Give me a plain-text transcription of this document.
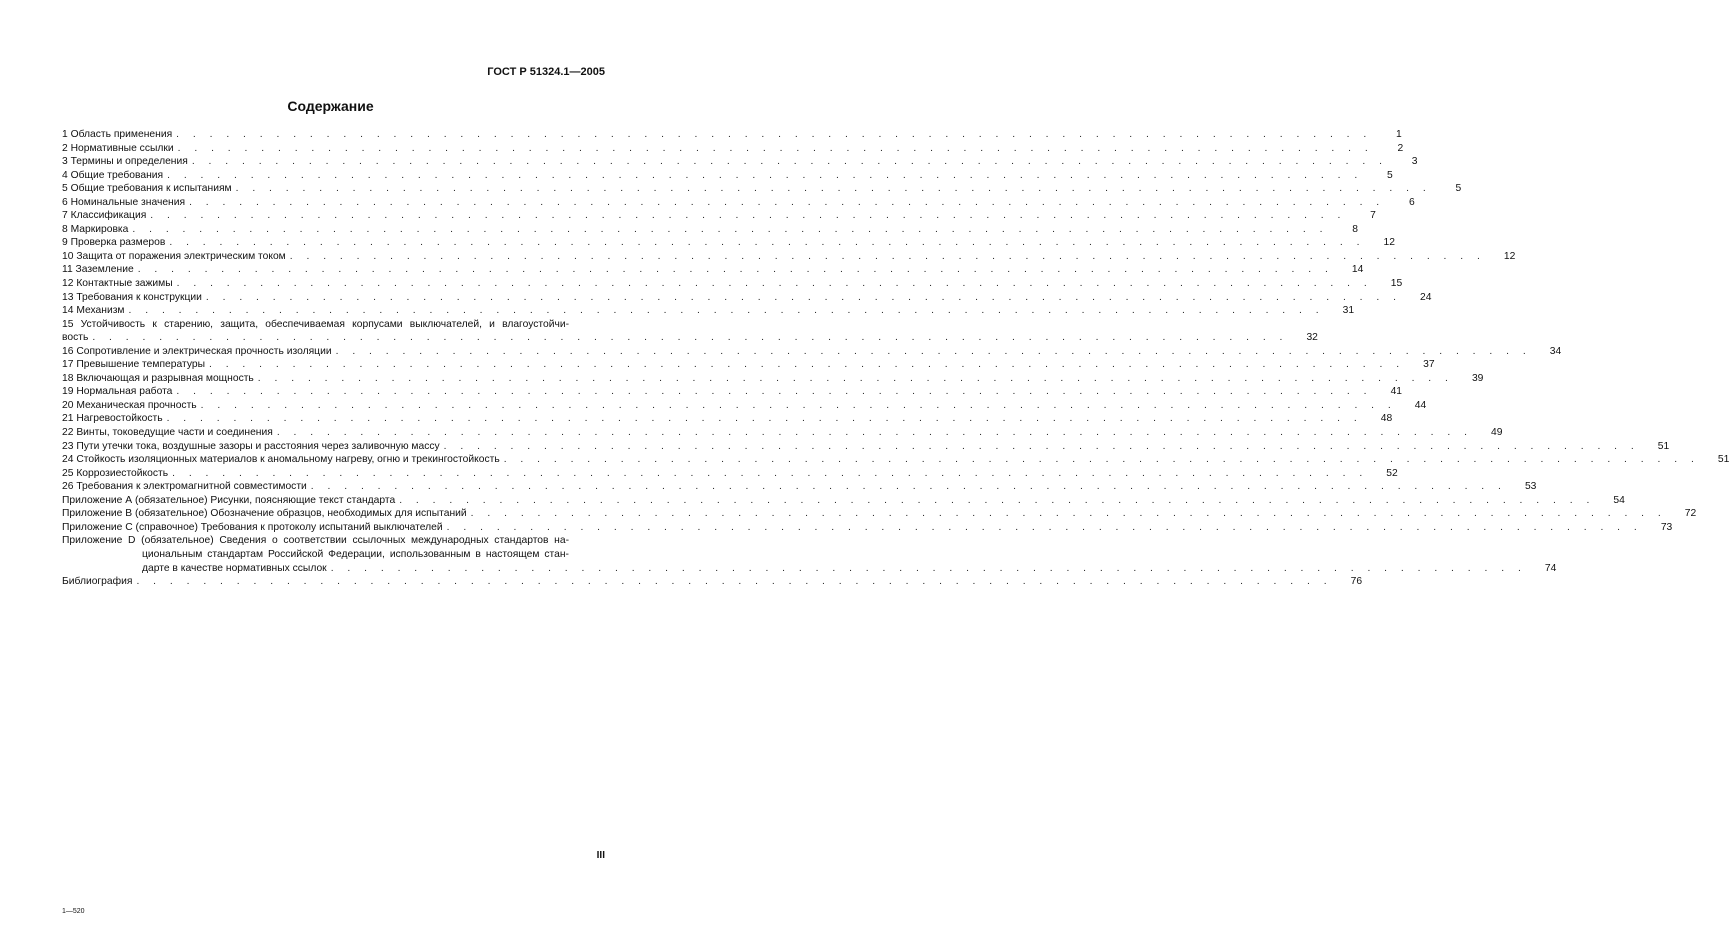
ГОСТ Р 51324.1—2005
Содержание
1 Область применения . . . . . . . . . . . . . . . . . . . . . . . . . . . . . . . . . . . . . . . . . . . . . . . . . . . . . . . . . . . . . . . . . . . . . . . .	1
2 Нормативные ссылки . . . . . . . . . . . . . . . . . . . . . . . . . . . . . . . . . . . . . . . . . . . . . . . . . . . . . . . . . . . . . . . . . . . . . . . .	2
3 Термины и определения . . . . . . . . . . . . . . . . . . . . . . . . . . . . . . . . . . . . . . . . . . . . . . . . . . . . . . . . . . . . . . . . . . . . . . . .	3
4 Общие требования . . . . . . . . . . . . . . . . . . . . . . . . . . . . . . . . . . . . . . . . . . . . . . . . . . . . . . . . . . . . . . . . . . . . . . . .	5
5 Общие требования к испытаниям . . . . . . . . . . . . . . . . . . . . . . . . . . . . . . . . . . . . . . . . . . . . . . . . . . . . . . . . . . . . . . . . . . . . . . . .	5
6 Номинальные значения . . . . . . . . . . . . . . . . . . . . . . . . . . . . . . . . . . . . . . . . . . . . . . . . . . . . . . . . . . . . . . . . . . . . . . . .	6
7 Классификация . . . . . . . . . . . . . . . . . . . . . . . . . . . . . . . . . . . . . . . . . . . . . . . . . . . . . . . . . . . . . . . . . . . . . . . .	7
8 Маркировка . . . . . . . . . . . . . . . . . . . . . . . . . . . . . . . . . . . . . . . . . . . . . . . . . . . . . . . . . . . . . . . . . . . . . . . .	8
9 Проверка размеров . . . . . . . . . . . . . . . . . . . . . . . . . . . . . . . . . . . . . . . . . . . . . . . . . . . . . . . . . . . . . . . . . . . . . . . .	12
10 Защита от поражения электрическим током . . . . . . . . . . . . . . . . . . . . . . . . . . . . . . . . . . . . . . . . . . . . . . . . . . . . . . . . . . . . . . . . . . . . . . . .	12
11 Заземление . . . . . . . . . . . . . . . . . . . . . . . . . . . . . . . . . . . . . . . . . . . . . . . . . . . . . . . . . . . . . . . . . . . . . . . .	14
12 Контактные зажимы . . . . . . . . . . . . . . . . . . . . . . . . . . . . . . . . . . . . . . . . . . . . . . . . . . . . . . . . . . . . . . . . . . . . . . . .	15
13 Требования к конструкции . . . . . . . . . . . . . . . . . . . . . . . . . . . . . . . . . . . . . . . . . . . . . . . . . . . . . . . . . . . . . . . . . . . . . . . .	24
14 Механизм . . . . . . . . . . . . . . . . . . . . . . . . . . . . . . . . . . . . . . . . . . . . . . . . . . . . . . . . . . . . . . . . . . . . . . . .	31
15 Устойчивость к старению, защита, обеспечиваемая корпусами выключателей, и влагоустойчи-
вость . . . . . . . . . . . . . . . . . . . . . . . . . . . . . . . . . . . . . . . . . . . . . . . . . . . . . . . . . . . . . . . . . . . . . . . .	32
16 Сопротивление и электрическая прочность изоляции . . . . . . . . . . . . . . . . . . . . . . . . . . . . . . . . . . . . . . . . . . . . . . . . . . . . . . . . . . . . . . . . . . . . . . . .	34
17 Превышение температуры . . . . . . . . . . . . . . . . . . . . . . . . . . . . . . . . . . . . . . . . . . . . . . . . . . . . . . . . . . . . . . . . . . . . . . . .	37
18 Включающая и разрывная мощность . . . . . . . . . . . . . . . . . . . . . . . . . . . . . . . . . . . . . . . . . . . . . . . . . . . . . . . . . . . . . . . . . . . . . . . .	39
19 Нормальная работа . . . . . . . . . . . . . . . . . . . . . . . . . . . . . . . . . . . . . . . . . . . . . . . . . . . . . . . . . . . . . . . . . . . . . . . .	41
20 Механическая прочность . . . . . . . . . . . . . . . . . . . . . . . . . . . . . . . . . . . . . . . . . . . . . . . . . . . . . . . . . . . . . . . . . . . . . . . .	44
21 Нагревостойкость . . . . . . . . . . . . . . . . . . . . . . . . . . . . . . . . . . . . . . . . . . . . . . . . . . . . . . . . . . . . . . . . . . . . . . . .	48
22 Винты, токоведущие части и соединения . . . . . . . . . . . . . . . . . . . . . . . . . . . . . . . . . . . . . . . . . . . . . . . . . . . . . . . . . . . . . . . . . . . . . . . .	49
23 Пути утечки тока, воздушные зазоры и расстояния через заливочную массу . . . . . . . . . . . . . . . . . . . . . . . . . . . . . . . . . . . . . . . . . . . . . . . . . . . . . . . . . . . . . . . . . . . . . . . .	51
24 Стойкость изоляционных материалов к аномальному нагреву, огню и трекингостойкость . . . . . . . . . . . . . . . . . . . . . . . . . . . . . . . . . . . . . . . . . . . . . . . . . . . . . . . . . . . . . . . . . . . . . . . .	51
25 Коррозиестойкость . . . . . . . . . . . . . . . . . . . . . . . . . . . . . . . . . . . . . . . . . . . . . . . . . . . . . . . . . . . . . . . . . . . . . . . .	52
26 Требования к электромагнитной совместимости . . . . . . . . . . . . . . . . . . . . . . . . . . . . . . . . . . . . . . . . . . . . . . . . . . . . . . . . . . . . . . . . . . . . . . . .	53
Приложение А (обязательное) Рисунки, поясняющие текст стандарта . . . . . . . . . . . . . . . . . . . . . . . . . . . . . . . . . . . . . . . . . . . . . . . . . . . . . . . . . . . . . . . . . . . . . . . .	54
Приложение В (обязательное) Обозначение образцов, необходимых для испытаний . . . . . . . . . . . . . . . . . . . . . . . . . . . . . . . . . . . . . . . . . . . . . . . . . . . . . . . . . . . . . . . . . . . . . . . .	72
Приложение С (справочное) Требования к протоколу испытаний выключателей . . . . . . . . . . . . . . . . . . . . . . . . . . . . . . . . . . . . . . . . . . . . . . . . . . . . . . . . . . . . . . . . . . . . . . . .	73
Приложение D (обязательное) Сведения о соответствии ссылочных международных стандартов на-
циональным стандартам Российской Федерации, использованным в настоящем стан-
дарте в качестве нормативных ссылок . . . . . . . . . . . . . . . . . . . . . . . . . . . . . . . . . . . . . . . . . . . . . . . . . . . . . . . . . . . . . . . . . . . . . . . .	74
Библиография . . . . . . . . . . . . . . . . . . . . . . . . . . . . . . . . . . . . . . . . . . . . . . . . . . . . . . . . . . . . . . . . . . . . . . . .	76
III
1—520
